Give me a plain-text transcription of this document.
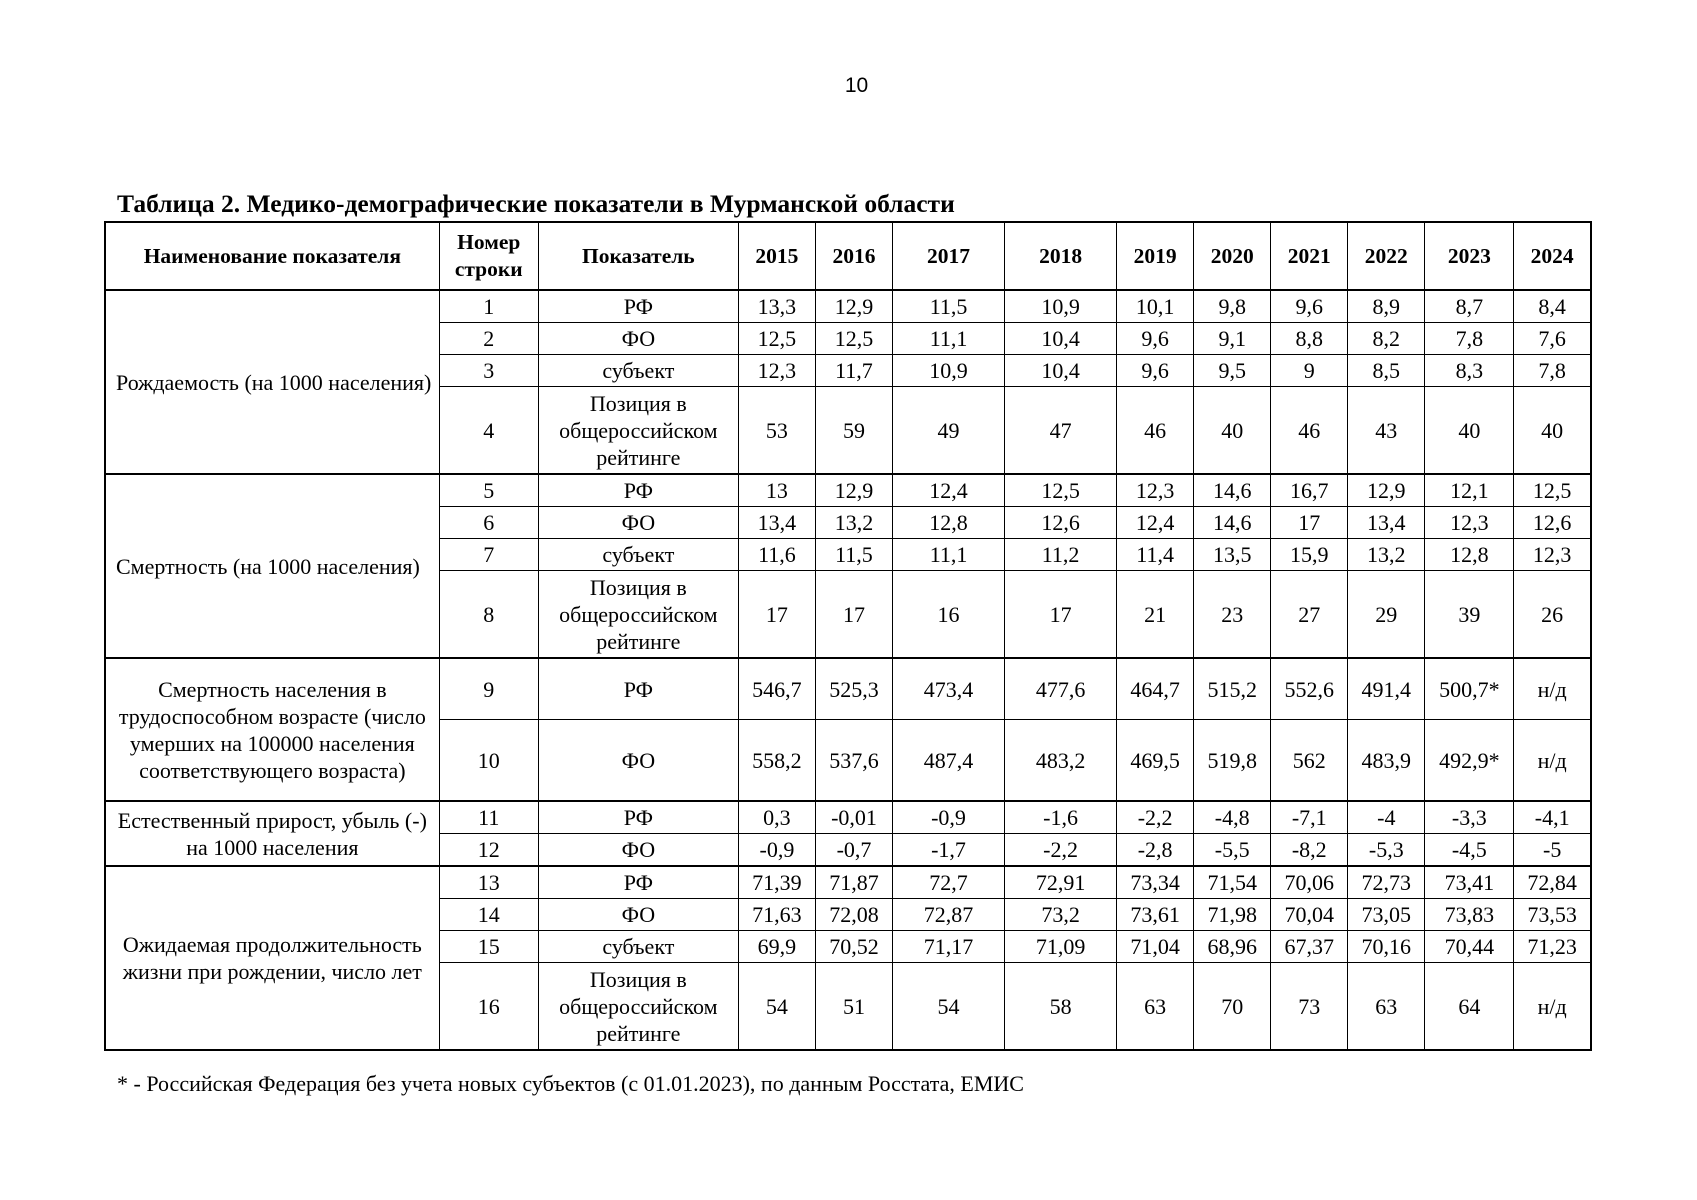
10
Таблица 2. Медико-демографические показатели в Мурманской области
Наименование показателя	Номер строки	Показатель	2015	2016	2017	2018	2019	2020	2021	2022	2023	2024
Рождаемость (на 1000 населения)	1	РФ	13,3	12,9	11,5	10,9	10,1	9,8	9,6	8,9	8,7	8,4
	2	ФО	12,5	12,5	11,1	10,4	9,6	9,1	8,8	8,2	7,8	7,6
	3	субъект	12,3	11,7	10,9	10,4	9,6	9,5	9	8,5	8,3	7,8
	4	Позиция в общероссийском рейтинге	53	59	49	47	46	40	46	43	40	40
Смертность (на 1000 населения)	5	РФ	13	12,9	12,4	12,5	12,3	14,6	16,7	12,9	12,1	12,5
	6	ФО	13,4	13,2	12,8	12,6	12,4	14,6	17	13,4	12,3	12,6
	7	субъект	11,6	11,5	11,1	11,2	11,4	13,5	15,9	13,2	12,8	12,3
	8	Позиция в общероссийском рейтинге	17	17	16	17	21	23	27	29	39	26
Смертность населения в трудоспособном возрасте (число умерших на 100000 населения соответствующего возраста)	9	РФ	546,7	525,3	473,4	477,6	464,7	515,2	552,6	491,4	500,7*	н/д
	10	ФО	558,2	537,6	487,4	483,2	469,5	519,8	562	483,9	492,9*	н/д
Естественный прирост, убыль (-) на 1000 населения	11	РФ	0,3	-0,01	-0,9	-1,6	-2,2	-4,8	-7,1	-4	-3,3	-4,1
	12	ФО	-0,9	-0,7	-1,7	-2,2	-2,8	-5,5	-8,2	-5,3	-4,5	-5
Ожидаемая продолжительность жизни при рождении, число лет	13	РФ	71,39	71,87	72,7	72,91	73,34	71,54	70,06	72,73	73,41	72,84
	14	ФО	71,63	72,08	72,87	73,2	73,61	71,98	70,04	73,05	73,83	73,53
	15	субъект	69,9	70,52	71,17	71,09	71,04	68,96	67,37	70,16	70,44	71,23
	16	Позиция в общероссийском рейтинге	54	51	54	58	63	70	73	63	64	н/д
* - Российская Федерация без учета новых субъектов (с 01.01.2023), по данным Росстата, ЕМИС
